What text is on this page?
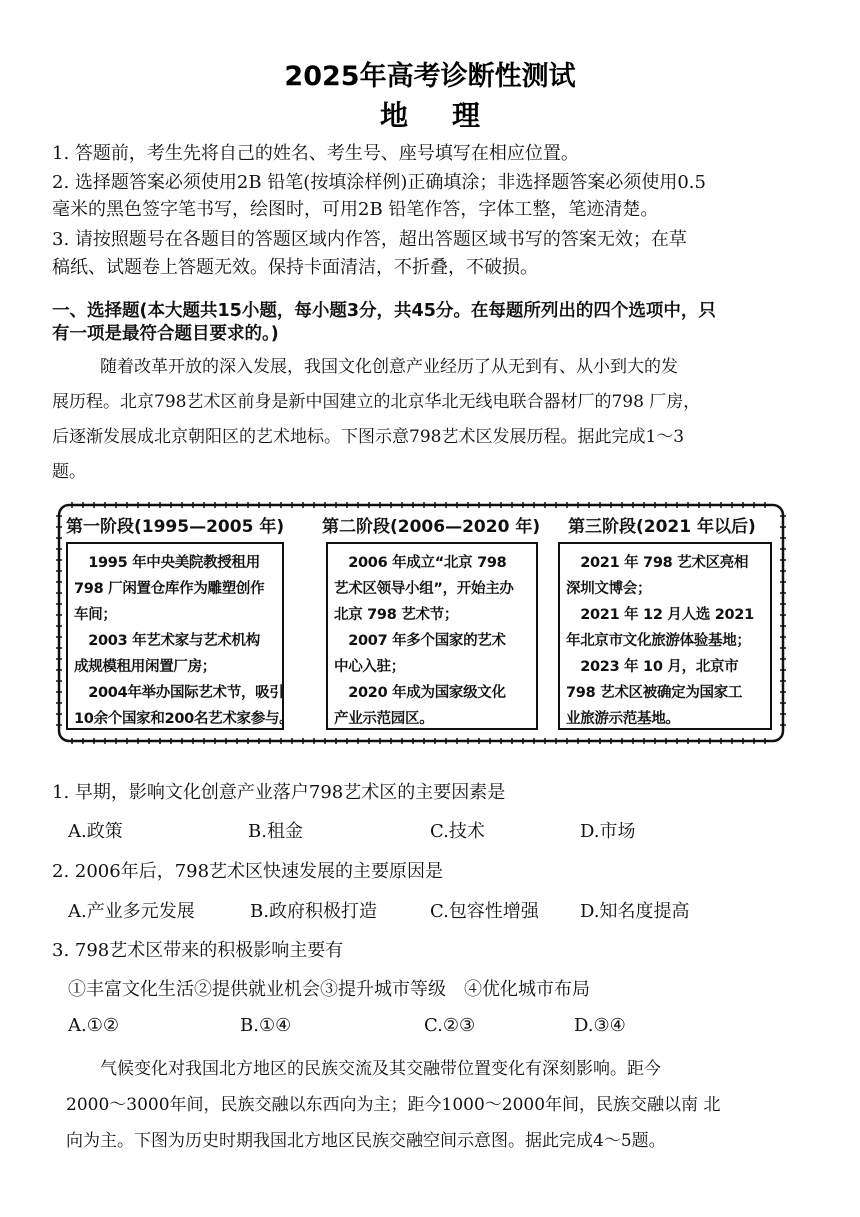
2025年高考诊断性测试
地 理
1. 答题前，考生先将自己的姓名、考生号、座号填写在相应位置。
2. 选择题答案必须使用2B 铅笔(按填涂样例)正确填涂；非选择题答案必须使用0.5
毫米的黑色签字笔书写，绘图时，可用2B 铅笔作答，字体工整，笔迹清楚。
3. 请按照题号在各题目的答题区域内作答，超出答题区域书写的答案无效；在草
稿纸、试题卷上答题无效。保持卡面清洁，不折叠，不破损。
一、选择题(本大题共15小题，每小题3分，共45分。在每题所列出的四个选项中，只
有一项是最符合题目要求的。)
随着改革开放的深入发展，我国文化创意产业经历了从无到有、从小到大的发
展历程。北京798艺术区前身是新中国建立的北京华北无线电联合器材厂的798 厂房，
后逐渐发展成北京朝阳区的艺术地标。下图示意798艺术区发展历程。据此完成1～3
题。
第一阶段(1995—2005 年) 第二阶段(2006—2020 年) 第三阶段(2021 年以后)
　1995 年中央美院教授租用
798 厂闲置仓库作为雕塑创作
车间；
　2003 年艺术家与艺术机构
成规模租用闲置厂房；
　2004年举办国际艺术节，吸引
10余个国家和200名艺术家参与。
　2006 年成立“北京 798
艺术区领导小组”，开始主办
北京 798 艺术节；
　2007 年多个国家的艺术
中心入驻；
　2020 年成为国家级文化
产业示范园区。
　2021 年 798 艺术区亮相
深圳文博会；
　2021 年 12 月人选 2021
年北京市文化旅游体验基地；
　2023 年 10 月，北京市
798 艺术区被确定为国家工
业旅游示范基地。
1. 早期，影响文化创意产业落户798艺术区的主要因素是
A.政策	B.租金	C.技术	D.市场
2. 2006年后，798艺术区快速发展的主要原因是
A.产业多元发展	B.政府积极打造	C.包容性增强 D.知名度提高
3. 798艺术区带来的积极影响主要有
①丰富文化生活②提供就业机会③提升城市等级　④优化城市布局
A.①②	B.①④	C.②③	D.③④
气候变化对我国北方地区的民族交流及其交融带位置变化有深刻影响。距今
2000～3000年间，民族交融以东西向为主；距今1000～2000年间，民族交融以南 北
向为主。下图为历史时期我国北方地区民族交融空间示意图。据此完成4～5题。
